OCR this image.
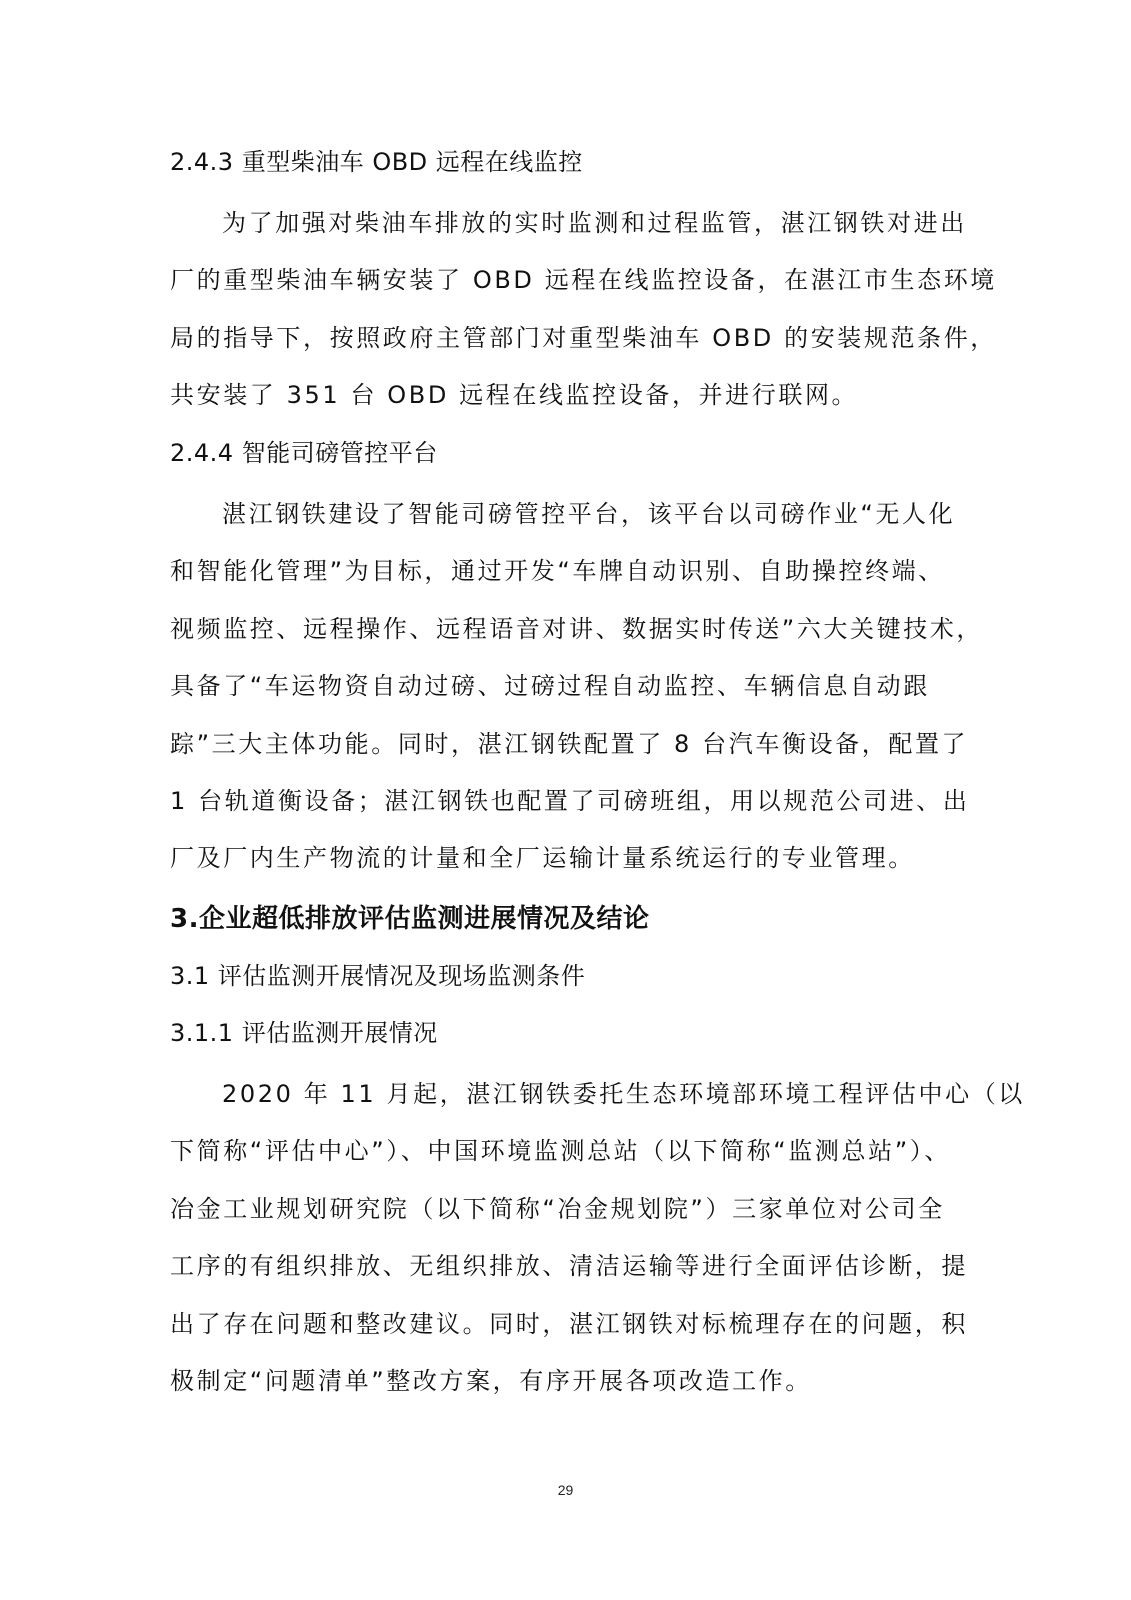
2.4.3 重型柴油车 OBD 远程在线监控
为了加强对柴油车排放的实时监测和过程监管，湛江钢铁对进出
厂的重型柴油车辆安装了 OBD 远程在线监控设备，在湛江市生态环境
局的指导下，按照政府主管部门对重型柴油车 OBD 的安装规范条件，
共安装了 351 台 OBD 远程在线监控设备，并进行联网。
2.4.4 智能司磅管控平台
湛江钢铁建设了智能司磅管控平台，该平台以司磅作业“无人化
和智能化管理”为目标，通过开发“车牌自动识别、自助操控终端、
视频监控、远程操作、远程语音对讲、数据实时传送”六大关键技术，
具备了“车运物资自动过磅、过磅过程自动监控、车辆信息自动跟
踪”三大主体功能。同时，湛江钢铁配置了 8 台汽车衡设备，配置了
1 台轨道衡设备；湛江钢铁也配置了司磅班组，用以规范公司进、出
厂及厂内生产物流的计量和全厂运输计量系统运行的专业管理。
3.企业超低排放评估监测进展情况及结论
3.1 评估监测开展情况及现场监测条件
3.1.1 评估监测开展情况
2020 年 11 月起，湛江钢铁委托生态环境部环境工程评估中心（以
下简称“评估中心”）、中国环境监测总站（以下简称“监测总站”）、
冶金工业规划研究院（以下简称“冶金规划院”）三家单位对公司全
工序的有组织排放、无组织排放、清洁运输等进行全面评估诊断，提
出了存在问题和整改建议。同时，湛江钢铁对标梳理存在的问题，积
极制定“问题清单”整改方案，有序开展各项改造工作。
29
